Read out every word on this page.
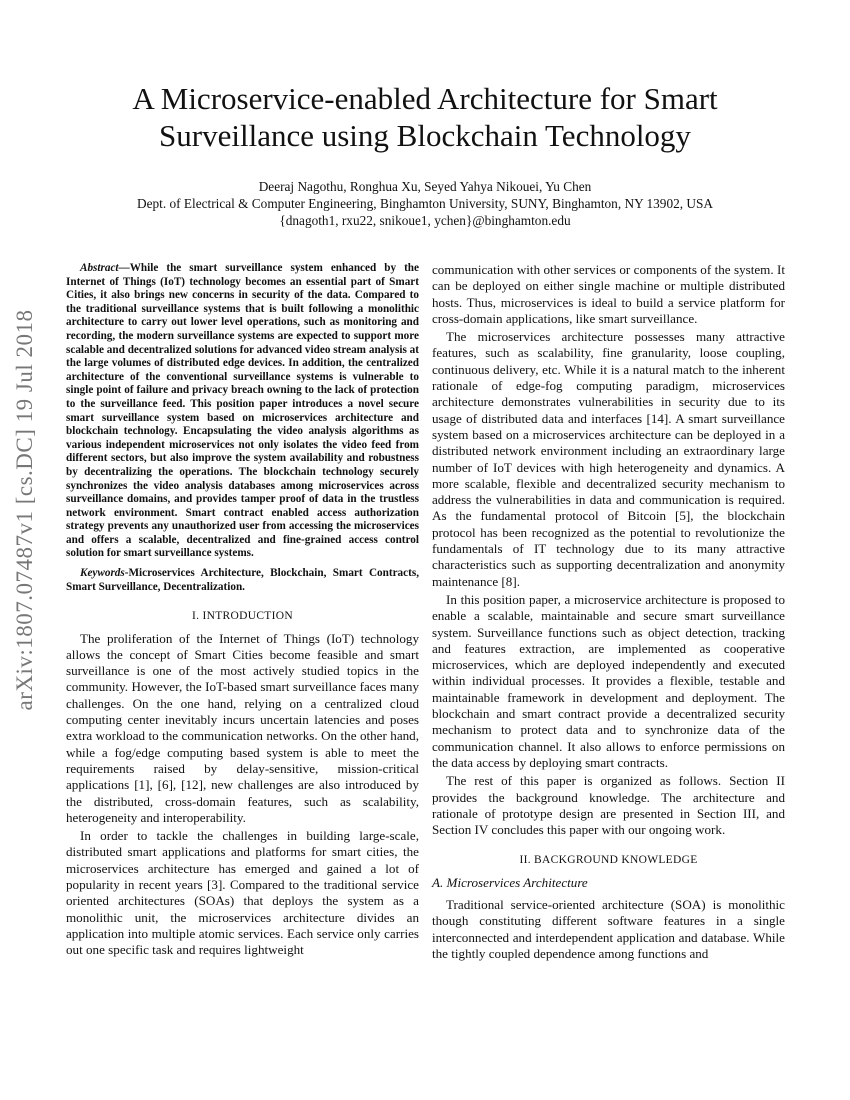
A Microservice-enabled Architecture for Smart Surveillance using Blockchain Technology
Deeraj Nagothu, Ronghua Xu, Seyed Yahya Nikouei, Yu Chen
Dept. of Electrical & Computer Engineering, Binghamton University, SUNY, Binghamton, NY 13902, USA
{dnagoth1, rxu22, snikoue1, ychen}@binghamton.edu
arXiv:1807.07487v1 [cs.DC] 19 Jul 2018

Abstract—While the smart surveillance system enhanced by the Internet of Things (IoT) technology becomes an essential part of Smart Cities, it also brings new concerns in security of the data. Compared to the traditional surveillance systems that is built following a monolithic architecture to carry out lower level operations, such as monitoring and recording, the modern surveillance systems are expected to support more scalable and decentralized solutions for advanced video stream analysis at the large volumes of distributed edge devices. In addition, the centralized architecture of the conventional surveillance systems is vulnerable to single point of failure and privacy breach owning to the lack of protection to the surveillance feed. This position paper introduces a novel secure smart surveillance system based on microservices architecture and blockchain technology. Encapsulating the video analysis algorithms as various independent microservices not only isolates the video feed from different sectors, but also improve the system availability and robustness by decentralizing the operations. The blockchain technology securely synchronizes the video analysis databases among microservices across surveillance domains, and provides tamper proof of data in the trustless network environment. Smart contract enabled access authorization strategy prevents any unauthorized user from accessing the microservices and offers a scalable, decentralized and fine-grained access control solution for smart surveillance systems.

Keywords-Microservices Architecture, Blockchain, Smart Contracts, Smart Surveillance, Decentralization.

I. INTRODUCTION

The proliferation of the Internet of Things (IoT) technology allows the concept of Smart Cities become feasible and smart surveillance is one of the most actively studied topics in the community. However, the IoT-based smart surveillance faces many challenges. On the one hand, relying on a centralized cloud computing center inevitably incurs uncertain latencies and poses extra workload to the communication networks. On the other hand, while a fog/edge computing based system is able to meet the requirements raised by delay-sensitive, mission-critical applications [1], [6], [12], new challenges are also introduced by the distributed, cross-domain features, such as scalability, heterogeneity and interoperability.

In order to tackle the challenges in building large-scale, distributed smart applications and platforms for smart cities, the microservices architecture has emerged and gained a lot of popularity in recent years [3]. Compared to the traditional service oriented architectures (SOAs) that deploys the system as a monolithic unit, the microservices architecture divides an application into multiple atomic services. Each service only carries out one specific task and requires lightweight

communication with other services or components of the system. It can be deployed on either single machine or multiple distributed hosts. Thus, microservices is ideal to build a service platform for cross-domain applications, like smart surveillance.

The microservices architecture possesses many attractive features, such as scalability, fine granularity, loose coupling, continuous delivery, etc. While it is a natural match to the inherent rationale of edge-fog computing paradigm, microservices architecture demonstrates vulnerabilities in security due to its usage of distributed data and interfaces [14]. A smart surveillance system based on a microservices architecture can be deployed in a distributed network environment including an extraordinary large number of IoT devices with high heterogeneity and dynamics. A more scalable, flexible and decentralized security mechanism to address the vulnerabilities in data and communication is required. As the fundamental protocol of Bitcoin [5], the blockchain protocol has been recognized as the potential to revolutionize the fundamentals of IT technology due to its many attractive characteristics such as supporting decentralization and anonymity maintenance [8].

In this position paper, a microservice architecture is proposed to enable a scalable, maintainable and secure smart surveillance system. Surveillance functions such as object detection, tracking and features extraction, are implemented as cooperative microservices, which are deployed independently and executed within individual processes. It provides a flexible, testable and maintainable framework in development and deployment. The blockchain and smart contract provide a decentralized security mechanism to protect data and to synchronize data of the communication channel. It also allows to enforce permissions on the data access by deploying smart contracts.

The rest of this paper is organized as follows. Section II provides the background knowledge. The architecture and rationale of prototype design are presented in Section III, and Section IV concludes this paper with our ongoing work.

II. BACKGROUND KNOWLEDGE
A. Microservices Architecture

Traditional service-oriented architecture (SOA) is monolithic though constituting different software features in a single interconnected and interdependent application and database. While the tightly coupled dependence among functions and
